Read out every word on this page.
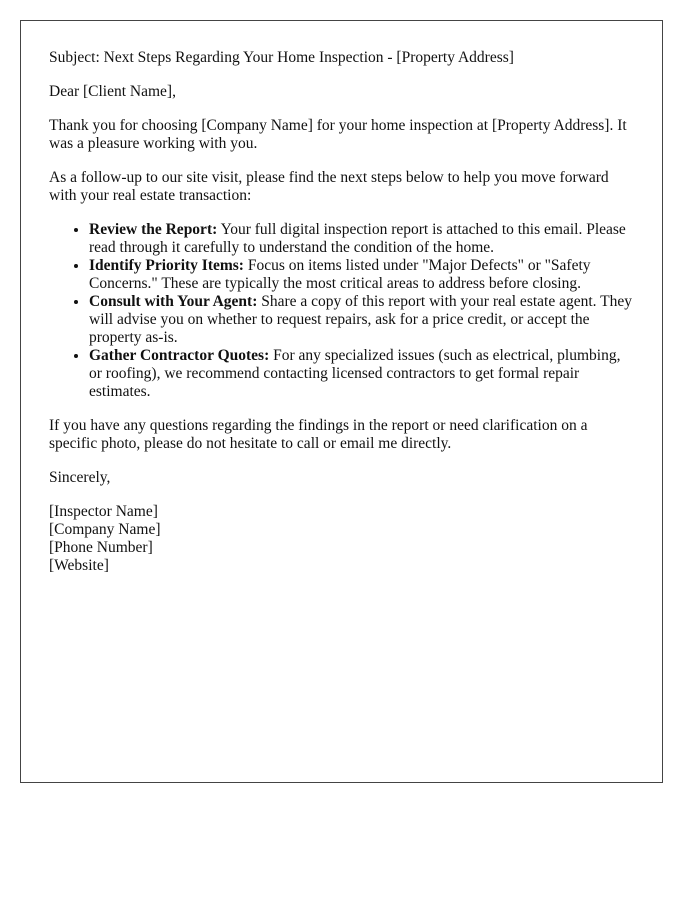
Subject: Next Steps Regarding Your Home Inspection - [Property Address]

Dear [Client Name],

Thank you for choosing [Company Name] for your home inspection at [Property Address]. It was a pleasure working with you.

As a follow-up to our site visit, please find the next steps below to help you move forward with your real estate transaction:

• Review the Report: Your full digital inspection report is attached to this email. Please read through it carefully to understand the condition of the home.
• Identify Priority Items: Focus on items listed under "Major Defects" or "Safety Concerns." These are typically the most critical areas to address before closing.
• Consult with Your Agent: Share a copy of this report with your real estate agent. They will advise you on whether to request repairs, ask for a price credit, or accept the property as-is.
• Gather Contractor Quotes: For any specialized issues (such as electrical, plumbing, or roofing), we recommend contacting licensed contractors to get formal repair estimates.

If you have any questions regarding the findings in the report or need clarification on a specific photo, please do not hesitate to call or email me directly.

Sincerely,

[Inspector Name]
[Company Name]
[Phone Number]
[Website]
